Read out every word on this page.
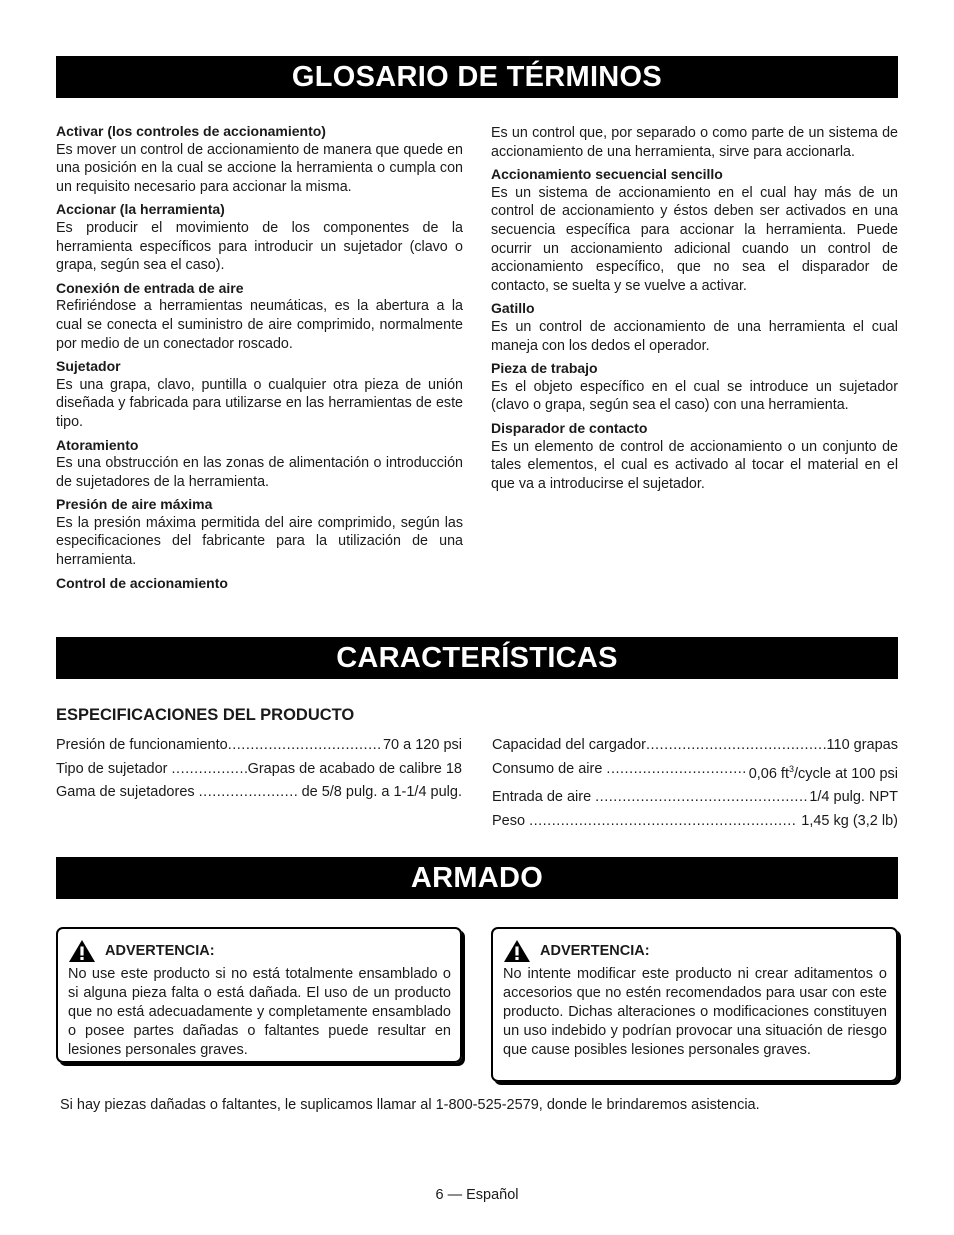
GLOSARIO DE TÉRMINOS
Activar (los controles de accionamiento)
Es mover un control de accionamiento de manera que quede en una posición en la cual se accione la herramienta o cumpla con un requisito necesario para accionar la misma.
Accionar (la herramienta)
Es producir el movimiento de los componentes de la herramienta específicos para introducir un sujetador (clavo o grapa, según sea el caso).
Conexión de entrada de aire
Refiriéndose a herramientas neumáticas, es la abertura a la cual se conecta el suministro de aire comprimido, normalmente por medio de un conectador roscado.
Sujetador
Es una grapa, clavo, puntilla o cualquier otra pieza de unión diseñada y fabricada para utilizarse en las herramientas de este tipo.
Atoramiento
Es una obstrucción en las zonas de alimentación o introducción de sujetadores de la herramienta.
Presión de aire máxima
Es la presión máxima permitida del aire comprimido, según las especificaciones del fabricante para la utilización de una herramienta.
Control de accionamiento
Es un control que, por separado o como parte de un sistema de accionamiento de una herramienta, sirve para accionarla.
Accionamiento secuencial sencillo
Es un sistema de accionamiento en el cual hay más de un control de accionamiento y éstos deben ser activados en una secuencia específica para accionar la herramienta. Puede ocurrir un accionamiento adicional cuando un control de accionamiento específico, que no sea el disparador de contacto, se suelta y se vuelve a activar.
Gatillo
Es un control de accionamiento de una herramienta el cual maneja con los dedos el operador.
Pieza de trabajo
Es el objeto específico en el cual se introduce un sujetador (clavo o grapa, según sea el caso) con una herramienta.
Disparador de contacto
Es un elemento de control de accionamiento o un conjunto de tales elementos, el cual es activado al tocar el material en el que va a introducirse el sujetador.
CARACTERÍSTICAS
ESPECIFICACIONES DEL PRODUCTO
Presión de funcionamiento .....	70 a 120 psi
Tipo de sujetador .....	Grapas de acabado de calibre 18
Gama de sujetadores .....	de 5/8 pulg. a 1-1/4 pulg.
Capacidad del cargador .....	110 grapas
Consumo de aire .....	0,06 $ft^3$/cycle at 100 psi
Entrada de aire .....	1/4 pulg. NPT
Peso .....	1,45 kg (3,2 lb)
ARMADO
ADVERTENCIA:
No use este producto si no está totalmente ensamblado o si alguna pieza falta o está dañada. El uso de un producto que no está adecuadamente y completamente ensamblado o posee partes dañadas o faltantes puede resultar en lesiones personales graves.
ADVERTENCIA:
No intente modificar este producto ni crear aditamentos o accesorios que no estén recomendados para usar con este producto. Dichas alteraciones o modificaciones constituyen un uso indebido y podrían provocar una situación de riesgo que cause posibles lesiones personales graves.
Si hay piezas dañadas o faltantes, le suplicamos llamar al 1-800-525-2579, donde le brindaremos asistencia.
6 — Español
